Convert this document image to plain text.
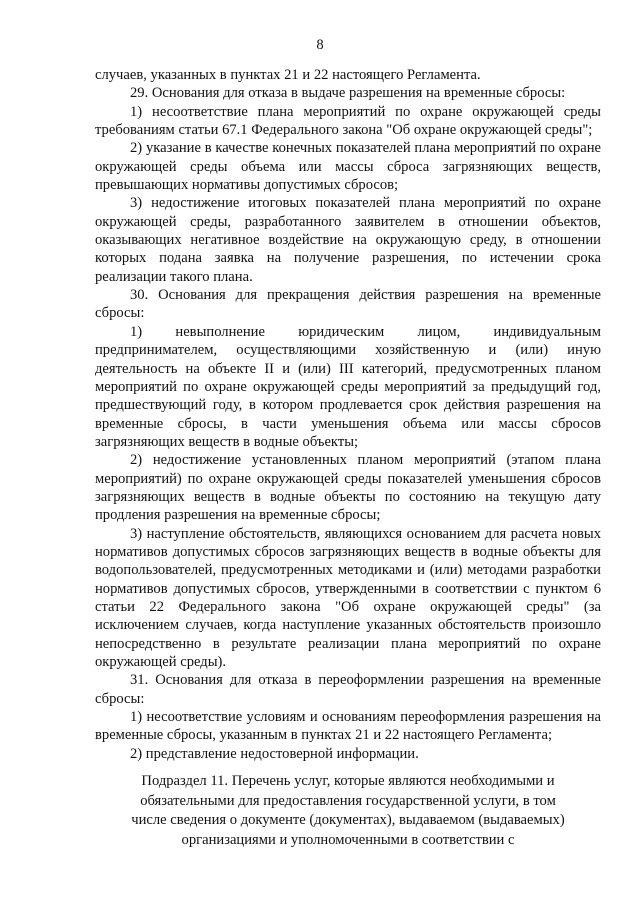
8

случаев, указанных в пунктах 21 и 22 настоящего Регламента.

29. Основания для отказа в выдаче разрешения на временные сбросы:

1) несоответствие плана мероприятий по охране окружающей среды требованиям статьи 67.1 Федерального закона "Об охране окружающей среды";

2) указание в качестве конечных показателей плана мероприятий по охране окружающей среды объема или массы сброса загрязняющих веществ, превышающих нормативы допустимых сбросов;

3) недостижение итоговых показателей плана мероприятий по охране окружающей среды, разработанного заявителем в отношении объектов, оказывающих негативное воздействие на окружающую среду, в отношении которых подана заявка на получение разрешения, по истечении срока реализации такого плана.

30. Основания для прекращения действия разрешения на временные сбросы:

1) невыполнение юридическим лицом, индивидуальным предпринимателем, осуществляющими хозяйственную и (или) иную деятельность на объекте II и (или) III категорий, предусмотренных планом мероприятий по охране окружающей среды мероприятий за предыдущий год, предшествующий году, в котором продлевается срок действия разрешения на временные сбросы, в части уменьшения объема или массы сбросов загрязняющих веществ в водные объекты;

2) недостижение установленных планом мероприятий (этапом плана мероприятий) по охране окружающей среды показателей уменьшения сбросов загрязняющих веществ в водные объекты по состоянию на текущую дату продления разрешения на временные сбросы;

3) наступление обстоятельств, являющихся основанием для расчета новых нормативов допустимых сбросов загрязняющих веществ в водные объекты для водопользователей, предусмотренных методиками и (или) методами разработки нормативов допустимых сбросов, утвержденными в соответствии с пунктом 6 статьи 22 Федерального закона "Об охране окружающей среды" (за исключением случаев, когда наступление указанных обстоятельств произошло непосредственно в результате реализации плана мероприятий по охране окружающей среды).

31. Основания для отказа в переоформлении разрешения на временные сбросы:

1) несоответствие условиям и основаниям переоформления разрешения на временные сбросы, указанным в пунктах 21 и 22 настоящего Регламента;

2) представление недостоверной информации.

Подраздел 11. Перечень услуг, которые являются необходимыми и
обязательными для предоставления государственной услуги, в том
числе сведения о документе (документах), выдаваемом (выдаваемых)
организациями и уполномоченными в соответствии с
